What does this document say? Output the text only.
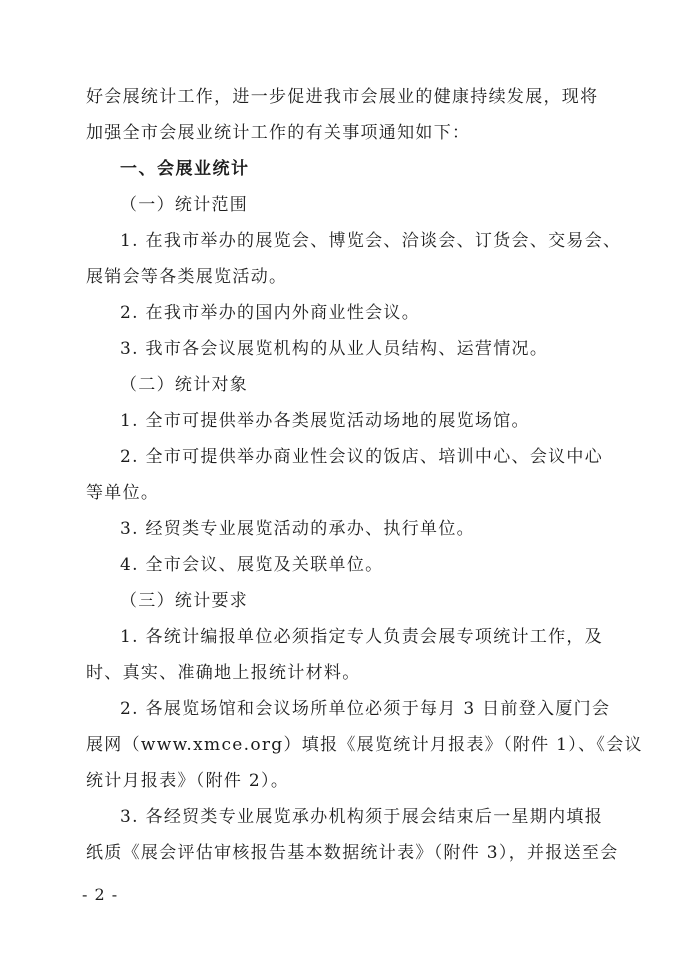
好会展统计工作，进一步促进我市会展业的健康持续发展，现将
加强全市会展业统计工作的有关事项通知如下：
一、会展业统计
（一）统计范围
1. 在我市举办的展览会、博览会、洽谈会、订货会、交易会、
展销会等各类展览活动。
2. 在我市举办的国内外商业性会议。
3. 我市各会议展览机构的从业人员结构、运营情况。
（二）统计对象
1. 全市可提供举办各类展览活动场地的展览场馆。
2. 全市可提供举办商业性会议的饭店、培训中心、会议中心
等单位。
3. 经贸类专业展览活动的承办、执行单位。
4. 全市会议、展览及关联单位。
（三）统计要求
1. 各统计编报单位必须指定专人负责会展专项统计工作，及
时、真实、准确地上报统计材料。
2. 各展览场馆和会议场所单位必须于每月 3 日前登入厦门会
展网（www.xmce.org）填报《展览统计月报表》（附件 1）、《会议
统计月报表》（附件 2）。
3. 各经贸类专业展览承办机构须于展会结束后一星期内填报
纸质《展会评估审核报告基本数据统计表》（附件 3），并报送至会
- 2 -
